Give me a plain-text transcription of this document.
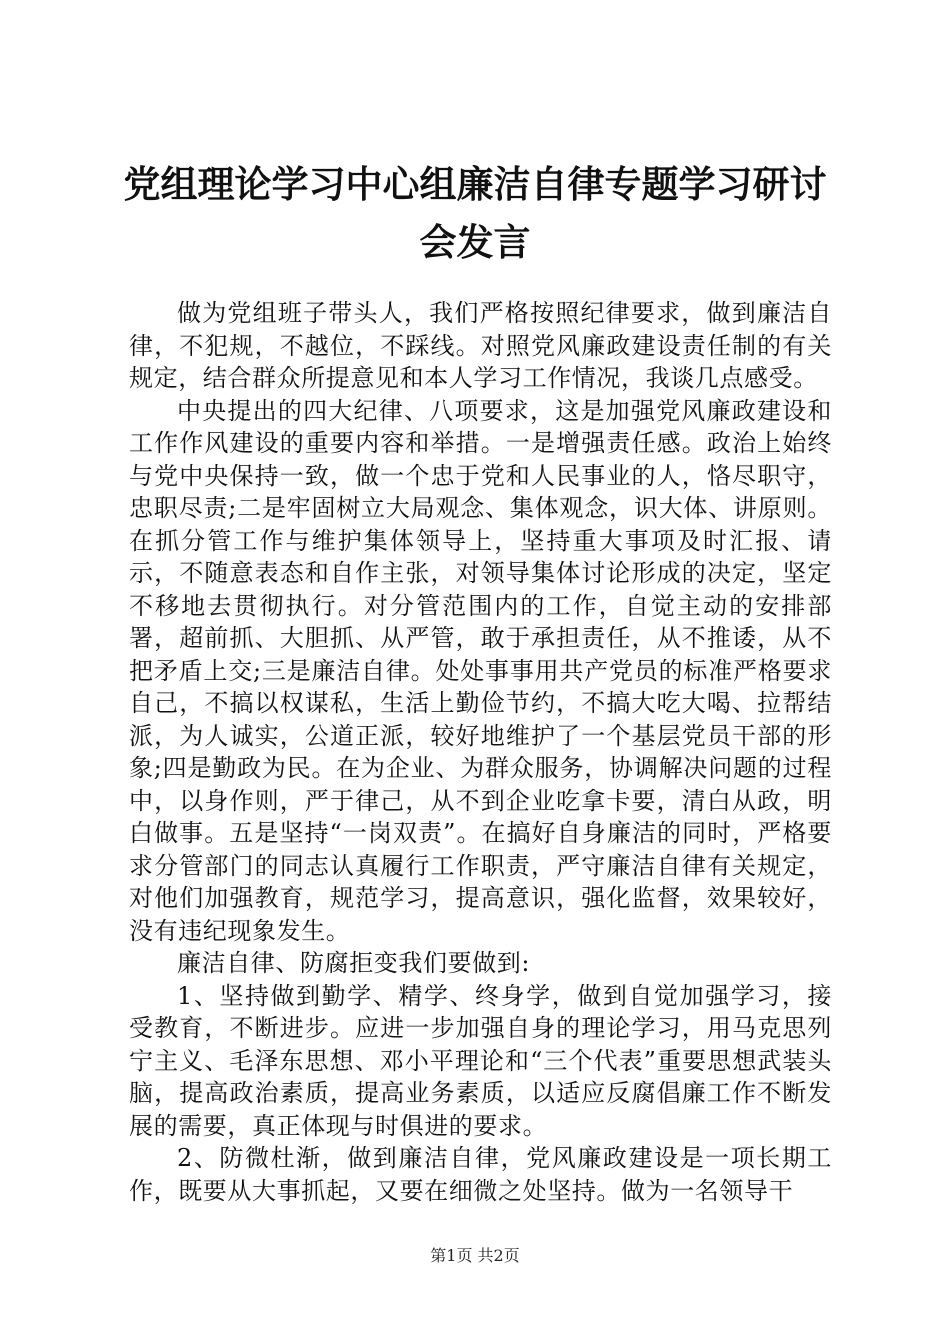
党组理论学习中心组廉洁自律专题学习研讨会发言

做为党组班子带头人，我们严格按照纪律要求，做到廉洁自律，不犯规，不越位，不踩线。对照党风廉政建设责任制的有关规定，结合群众所提意见和本人学习工作情况，我谈几点感受。

中央提出的四大纪律、八项要求，这是加强党风廉政建设和工作作风建设的重要内容和举措。一是增强责任感。政治上始终与党中央保持一致，做一个忠于党和人民事业的人，恪尽职守，忠职尽责;二是牢固树立大局观念、集体观念，识大体、讲原则。在抓分管工作与维护集体领导上，坚持重大事项及时汇报、请示，不随意表态和自作主张，对领导集体讨论形成的决定，坚定不移地去贯彻执行。对分管范围内的工作，自觉主动的安排部署，超前抓、大胆抓、从严管，敢于承担责任，从不推诿，从不把矛盾上交;三是廉洁自律。处处事事用共产党员的标准严格要求自己，不搞以权谋私，生活上勤俭节约，不搞大吃大喝、拉帮结派，为人诚实，公道正派，较好地维护了一个基层党员干部的形象;四是勤政为民。在为企业、为群众服务，协调解决问题的过程中，以身作则，严于律己，从不到企业吃拿卡要，清白从政，明白做事。五是坚持“一岗双责”。在搞好自身廉洁的同时，严格要求分管部门的同志认真履行工作职责，严守廉洁自律有关规定，对他们加强教育，规范学习，提高意识，强化监督，效果较好，没有违纪现象发生。

廉洁自律、防腐拒变我们要做到:

1、坚持做到勤学、精学、终身学，做到自觉加强学习，接受教育，不断进步。应进一步加强自身的理论学习，用马克思列宁主义、毛泽东思想、邓小平理论和“三个代表”重要思想武装头脑，提高政治素质，提高业务素质，以适应反腐倡廉工作不断发展的需要，真正体现与时俱进的要求。

2、防微杜渐，做到廉洁自律，党风廉政建设是一项长期工作，既要从大事抓起，又要在细微之处坚持。做为一名领导干

第1页 共2页
